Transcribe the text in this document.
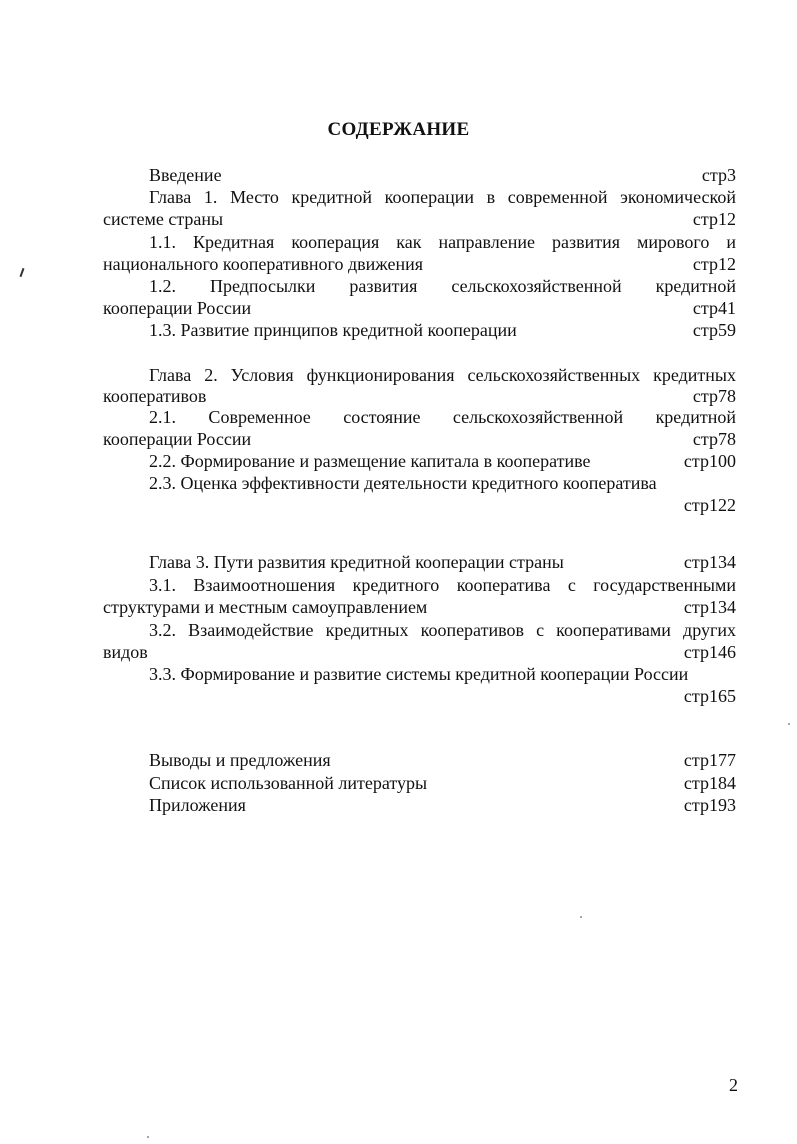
СОДЕРЖАНИЕ
Введение	стр3
Глава 1. Место кредитной кооперации в современной экономической
системе страны	стр12
1.1. Кредитная кооперация как направление развития мирового и
национального кооперативного движения	стр12
1.2. Предпосылки развития сельскохозяйственной кредитной
кооперации России	стр41
1.3. Развитие принципов кредитной кооперации	стр59
Глава 2. Условия функционирования сельскохозяйственных кредитных
кооперативов	стр78
2.1. Современное состояние сельскохозяйственной кредитной
кооперации России	стр78
2.2. Формирование и размещение капитала в кооперативе	стр100
2.3. Оценка эффективности деятельности кредитного кооператива
стр122
Глава 3. Пути развития кредитной кооперации страны	стр134
3.1. Взаимоотношения кредитного кооператива с государственными
структурами и местным самоуправлением	стр134
3.2. Взаимодействие кредитных кооперативов с кооперативами других
видов	стр146
3.3. Формирование и развитие системы кредитной кооперации России
стр165
Выводы и предложения	стр177
Список использованной литературы	стр184
Приложения	стр193
2
